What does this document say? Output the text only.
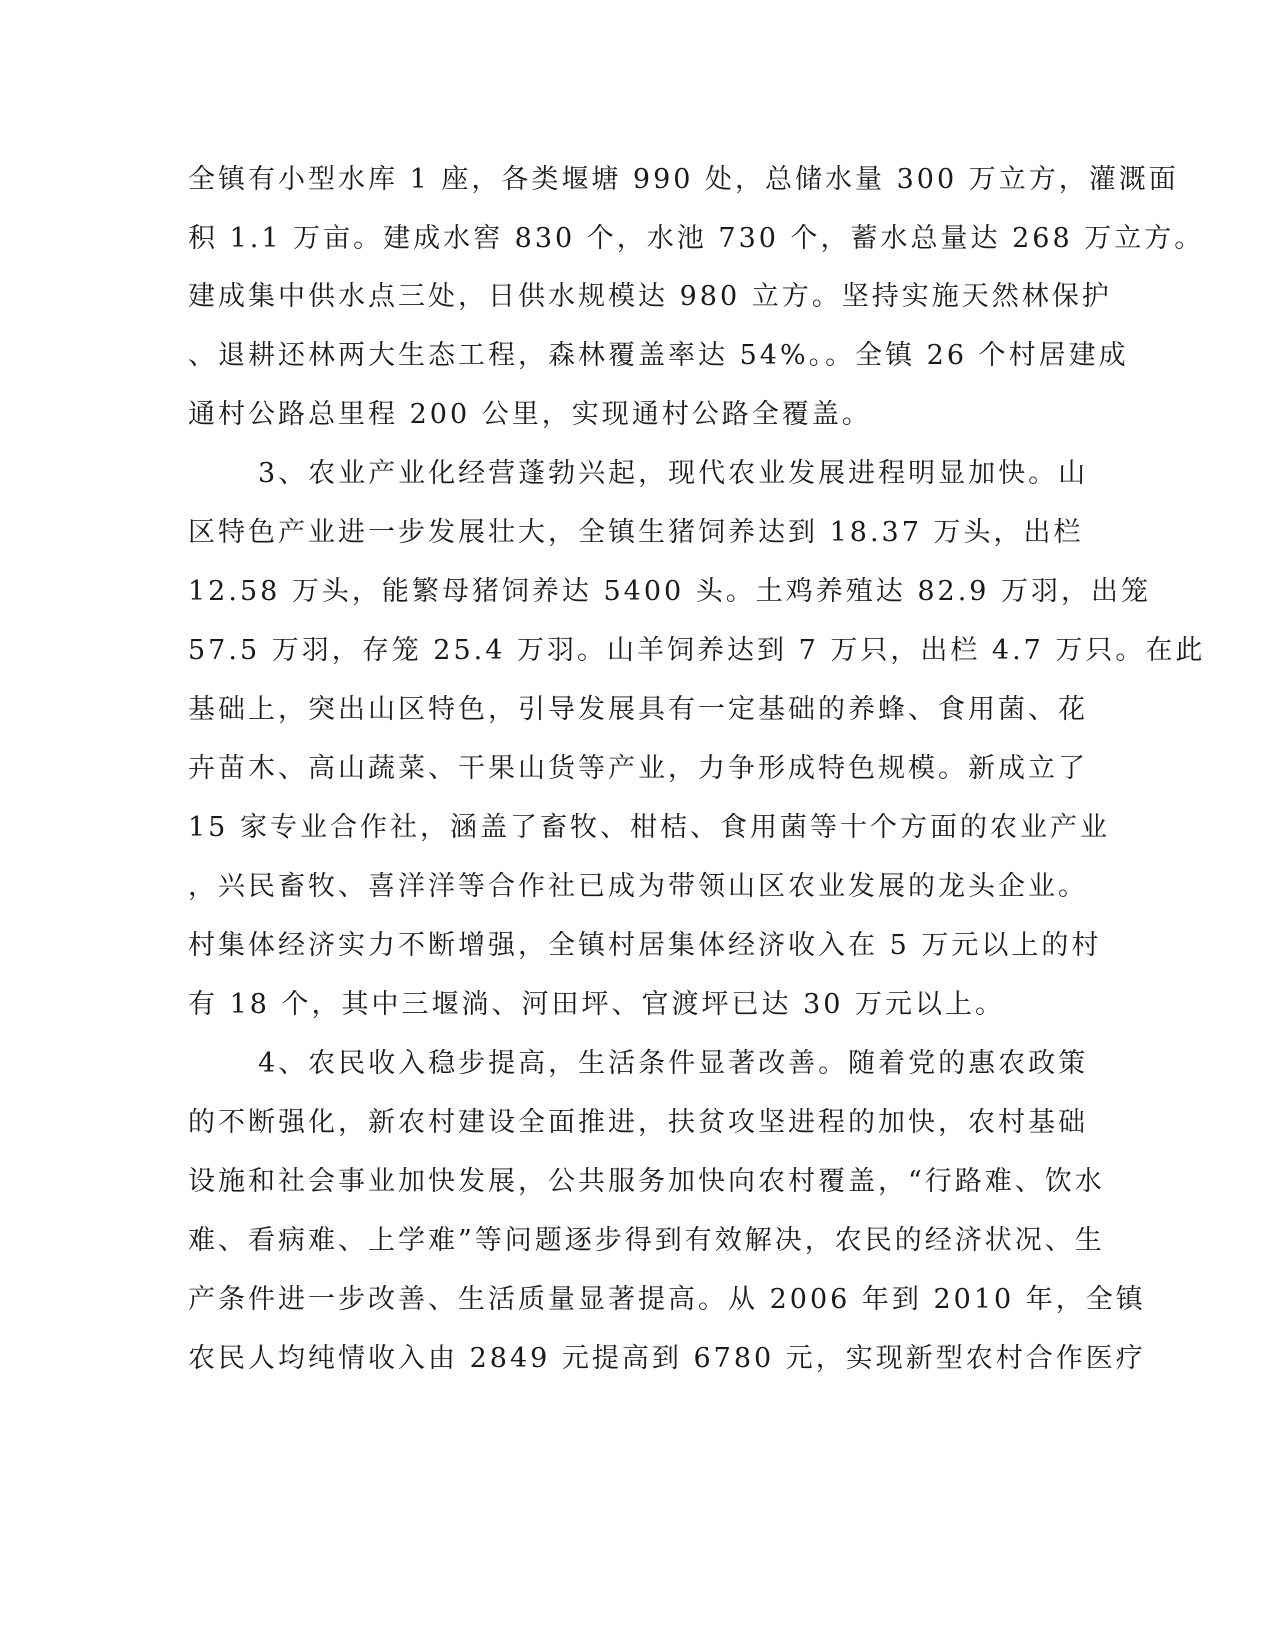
全镇有小型水库 1 座，各类堰塘 990 处，总储水量 300 万立方，灌溉面
积 1.1 万亩。建成水窖 830 个，水池 730 个，蓄水总量达 268 万立方。
建成集中供水点三处，日供水规模达 980 立方。坚持实施天然林保护
、退耕还林两大生态工程，森林覆盖率达 54%。。全镇 26 个村居建成
通村公路总里程 200 公里，实现通村公路全覆盖。
3、农业产业化经营蓬勃兴起，现代农业发展进程明显加快。山
区特色产业进一步发展壮大，全镇生猪饲养达到 18.37 万头，出栏
12.58 万头，能繁母猪饲养达 5400 头。土鸡养殖达 82.9 万羽，出笼
57.5 万羽，存笼 25.4 万羽。山羊饲养达到 7 万只，出栏 4.7 万只。在此
基础上，突出山区特色，引导发展具有一定基础的养蜂、食用菌、花
卉苗木、高山蔬菜、干果山货等产业，力争形成特色规模。新成立了
15 家专业合作社，涵盖了畜牧、柑桔、食用菌等十个方面的农业产业
，兴民畜牧、喜洋洋等合作社已成为带领山区农业发展的龙头企业。
村集体经济实力不断增强，全镇村居集体经济收入在 5 万元以上的村
有 18 个，其中三堰淌、河田坪、官渡坪已达 30 万元以上。
4、农民收入稳步提高，生活条件显著改善。随着党的惠农政策
的不断强化，新农村建设全面推进，扶贫攻坚进程的加快，农村基础
设施和社会事业加快发展，公共服务加快向农村覆盖，“行路难、饮水
难、看病难、上学难”等问题逐步得到有效解决，农民的经济状况、生
产条件进一步改善、生活质量显著提高。从 2006 年到 2010 年，全镇
农民人均纯情收入由 2849 元提高到 6780 元，实现新型农村合作医疗
